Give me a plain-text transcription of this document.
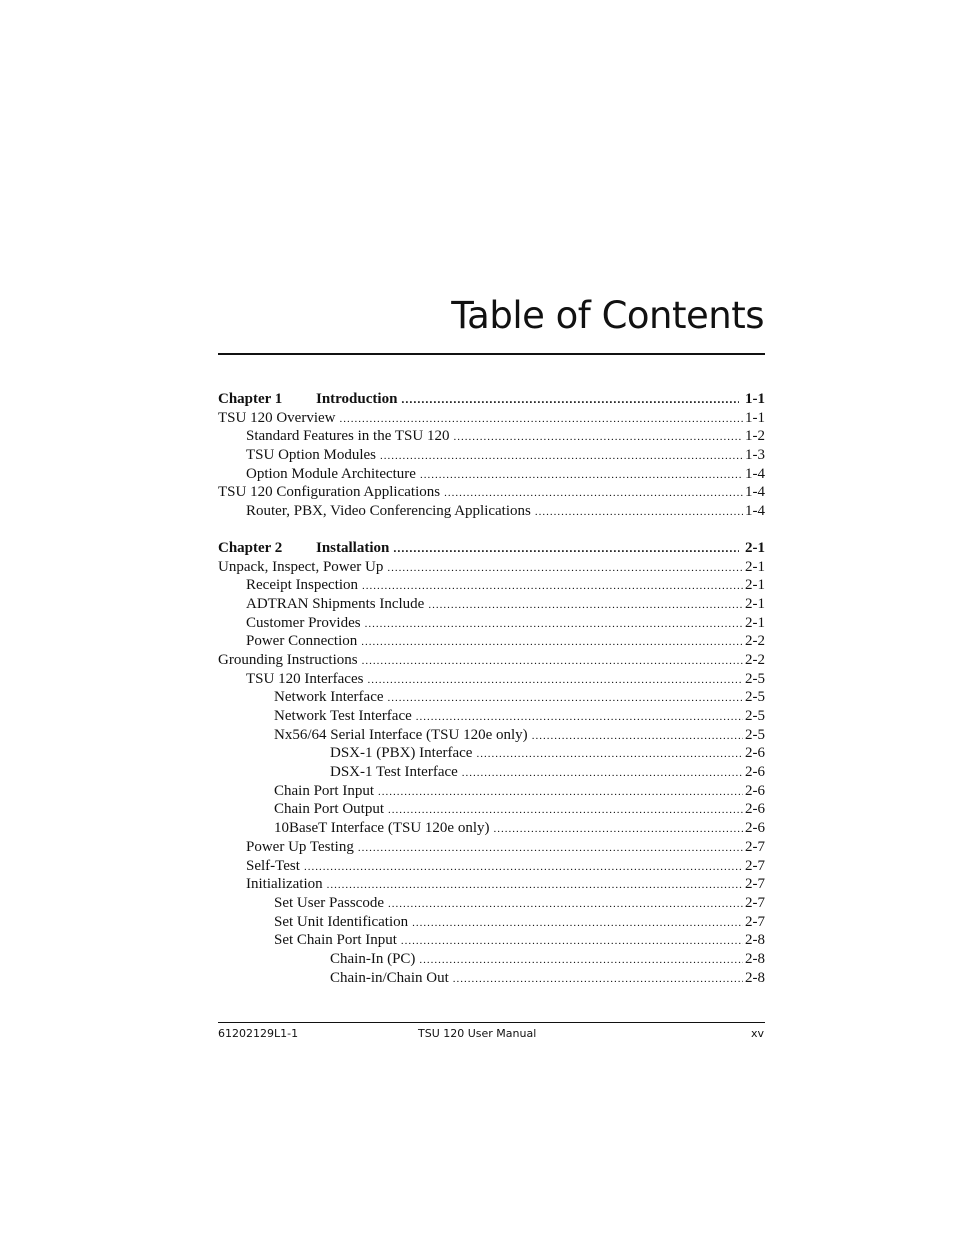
Table of Contents
Chapter 1	Introduction .....	1-1
TSU 120 Overview .....	1-1
Standard Features in the TSU 120 .....	1-2
TSU Option Modules .....	1-3
Option Module Architecture .....	1-4
TSU 120 Configuration Applications .....	1-4
Router, PBX, Video Conferencing Applications .....	1-4
Chapter 2	Installation .....	2-1
Unpack, Inspect, Power Up .....	2-1
Receipt Inspection .....	2-1
ADTRAN Shipments Include .....	2-1
Customer Provides .....	2-1
Power Connection .....	2-2
Grounding Instructions .....	2-2
TSU 120 Interfaces .....	2-5
Network Interface .....	2-5
Network Test Interface .....	2-5
Nx56/64 Serial Interface (TSU 120e only) .....	2-5
DSX-1 (PBX) Interface .....	2-6
DSX-1 Test Interface .....	2-6
Chain Port Input .....	2-6
Chain Port Output .....	2-6
10BaseT Interface (TSU 120e only) .....	2-6
Power Up Testing .....	2-7
Self-Test .....	2-7
Initialization .....	2-7
Set User Passcode .....	2-7
Set Unit Identification .....	2-7
Set Chain Port Input .....	2-8
Chain-In (PC) .....	2-8
Chain-in/Chain Out .....	2-8
61202129L1-1	TSU 120 User Manual	xv
